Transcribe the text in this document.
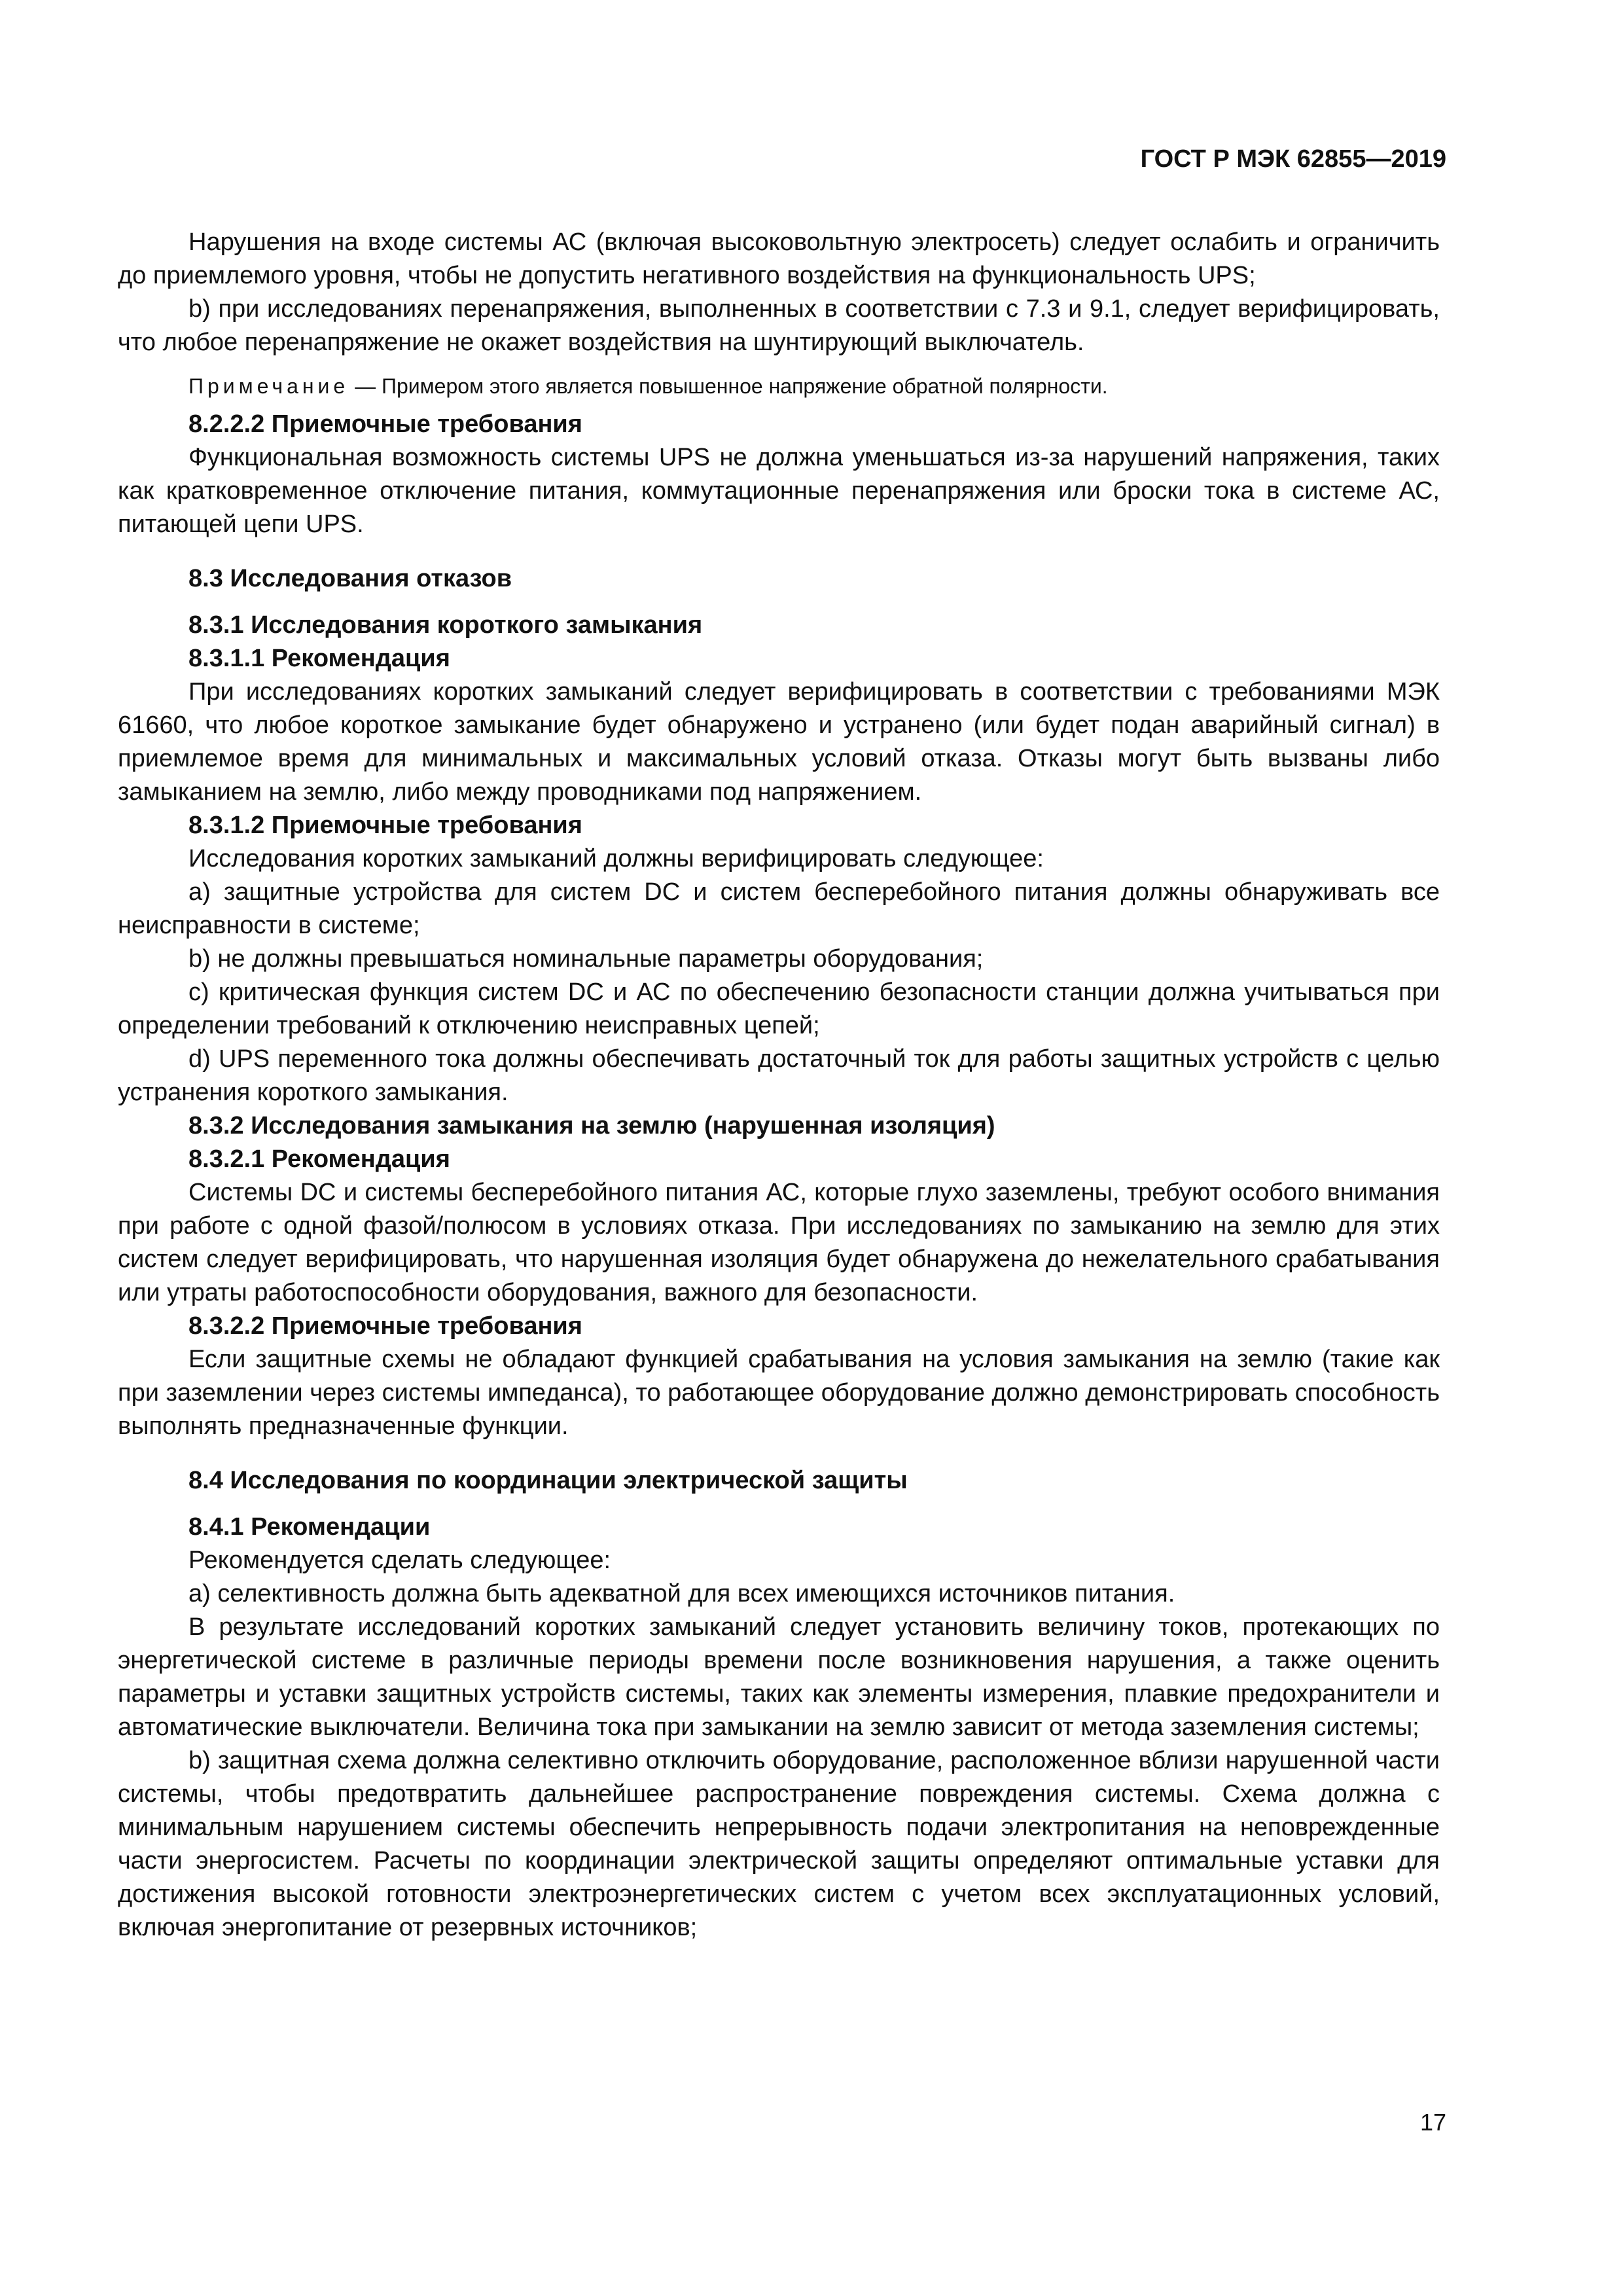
ГОСТ Р МЭК 62855—2019

Нарушения на входе системы АС (включая высоковольтную электросеть) следует ослабить и ограничить до приемлемого уровня, чтобы не допустить негативного воздействия на функциональность UPS;

b) при исследованиях перенапряжения, выполненных в соответствии с 7.3 и 9.1, следует верифицировать, что любое перенапряжение не окажет воздействия на шунтирующий выключатель.

Примечание — Примером этого является повышенное напряжение обратной полярности.

8.2.2.2 Приемочные требования

Функциональная возможность системы UPS не должна уменьшаться из-за нарушений напряжения, таких как кратковременное отключение питания, коммутационные перенапряжения или броски тока в системе АС, питающей цепи UPS.

8.3 Исследования отказов

8.3.1 Исследования короткого замыкания

8.3.1.1 Рекомендация

При исследованиях коротких замыканий следует верифицировать в соответствии с требованиями МЭК 61660, что любое короткое замыкание будет обнаружено и устранено (или будет подан аварийный сигнал) в приемлемое время для минимальных и максимальных условий отказа. Отказы могут быть вызваны либо замыканием на землю, либо между проводниками под напряжением.

8.3.1.2 Приемочные требования

Исследования коротких замыканий должны верифицировать следующее:

a) защитные устройства для систем DC и систем бесперебойного питания должны обнаруживать все неисправности в системе;

b) не должны превышаться номинальные параметры оборудования;

c) критическая функция систем DC и АС по обеспечению безопасности станции должна учитываться при определении требований к отключению неисправных цепей;

d) UPS переменного тока должны обеспечивать достаточный ток для работы защитных устройств с целью устранения короткого замыкания.

8.3.2 Исследования замыкания на землю (нарушенная изоляция)

8.3.2.1 Рекомендация

Системы DC и системы бесперебойного питания АС, которые глухо заземлены, требуют особого внимания при работе с одной фазой/полюсом в условиях отказа. При исследованиях по замыканию на землю для этих систем следует верифицировать, что нарушенная изоляция будет обнаружена до нежелательного срабатывания или утраты работоспособности оборудования, важного для безопасности.

8.3.2.2 Приемочные требования

Если защитные схемы не обладают функцией срабатывания на условия замыкания на землю (такие как при заземлении через системы импеданса), то работающее оборудование должно демонстрировать способность выполнять предназначенные функции.

8.4 Исследования по координации электрической защиты

8.4.1 Рекомендации

Рекомендуется сделать следующее:

a) селективность должна быть адекватной для всех имеющихся источников питания.

В результате исследований коротких замыканий следует установить величину токов, протекающих по энергетической системе в различные периоды времени после возникновения нарушения, а также оценить параметры и уставки защитных устройств системы, таких как элементы измерения, плавкие предохранители и автоматические выключатели. Величина тока при замыкании на землю зависит от метода заземления системы;

b) защитная схема должна селективно отключить оборудование, расположенное вблизи нарушенной части системы, чтобы предотвратить дальнейшее распространение повреждения системы. Схема должна с минимальным нарушением системы обеспечить непрерывность подачи электропитания на неповрежденные части энергосистем. Расчеты по координации электрической защиты определяют оптимальные уставки для достижения высокой готовности электроэнергетических систем с учетом всех эксплуатационных условий, включая энергопитание от резервных источников;

17
